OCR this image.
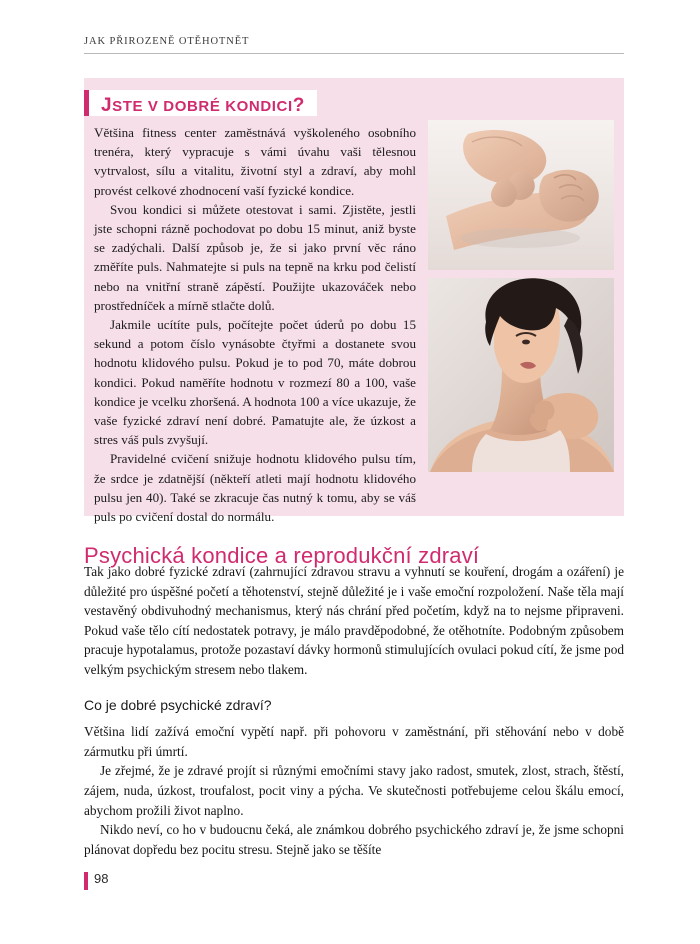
JAK PŘIROZENĚ OTĚHOTNĚT
JSTE V DOBRÉ KONDICI?

Většina fitness center zaměstnává vyškoleného osobního trenéra, který vypracuje s vámi úvahu vaši tělesnou vytrvalost, sílu a vitalitu, životní styl a zdraví, aby mohl provést celkové zhodnocení vaší fyzické kondice.

Svou kondici si můžete otestovat i sami. Zjistěte, jestli jste schopni rázně pochodovat po dobu 15 minut, aniž byste se zadýchali. Další způsob je, že si jako první věc ráno změříte puls. Nahmatejte si puls na tepně na krku pod čelistí nebo na vnitřní straně zápěstí. Použijte ukazováček nebo prostředníček a mírně stlačte dolů.

Jakmile ucítíte puls, počítejte počet úderů po dobu 15 sekund a potom číslo vynásobte čtyřmi a dostanete svou hodnotu klidového pulsu. Pokud je to pod 70, máte dobrou kondici. Pokud naměříte hodnotu v rozmezí 80 a 100, vaše kondice je vcelku zhoršená. A hodnota 100 a více ukazuje, že vaše fyzické zdraví není dobré. Pamatujte ale, že úzkost a stres váš puls zvyšují.

Pravidelné cvičení snižuje hodnotu klidového pulsu tím, že srdce je zdatnější (někteří atleti mají hodnotu klidového pulsu jen 40). Také se zkracuje čas nutný k tomu, aby se váš puls po cvičení dostal do normálu.

Psychická kondice a reprodukční zdraví

Tak jako dobré fyzické zdraví (zahrnující zdravou stravu a vyhnutí se kouření, drogám a ozáření) je důležité pro úspěšné početí a těhotenství, stejně důležité je i vaše emoční rozpoložení. Naše těla mají vestavěný obdivuhodný mechanismus, který nás chrání před početím, když na to nejsme připraveni. Pokud vaše tělo cítí nedostatek potravy, je málo pravděpodobné, že otěhotníte. Podobným způsobem pracuje hypotalamus, protože pozastaví dávky hormonů stimulujících ovulaci pokud cítí, že jsme pod velkým psychickým stresem nebo tlakem.

Co je dobré psychické zdraví?

Většina lidí zažívá emoční vypětí např. při pohovoru v zaměstnání, při stěhování nebo v době zármutku při úmrtí.

Je zřejmé, že je zdravé projít si různými emočními stavy jako radost, smutek, zlost, strach, štěstí, zájem, nuda, úzkost, troufalost, pocit viny a pýcha. Ve skutečnosti potřebujeme celou škálu emocí, abychom prožili život naplno.

Nikdo neví, co ho v budoucnu čeká, ale známkou dobrého psychického zdraví je, že jsme schopni plánovat dopředu bez pocitu stresu. Stejně jako se těšíte

98
